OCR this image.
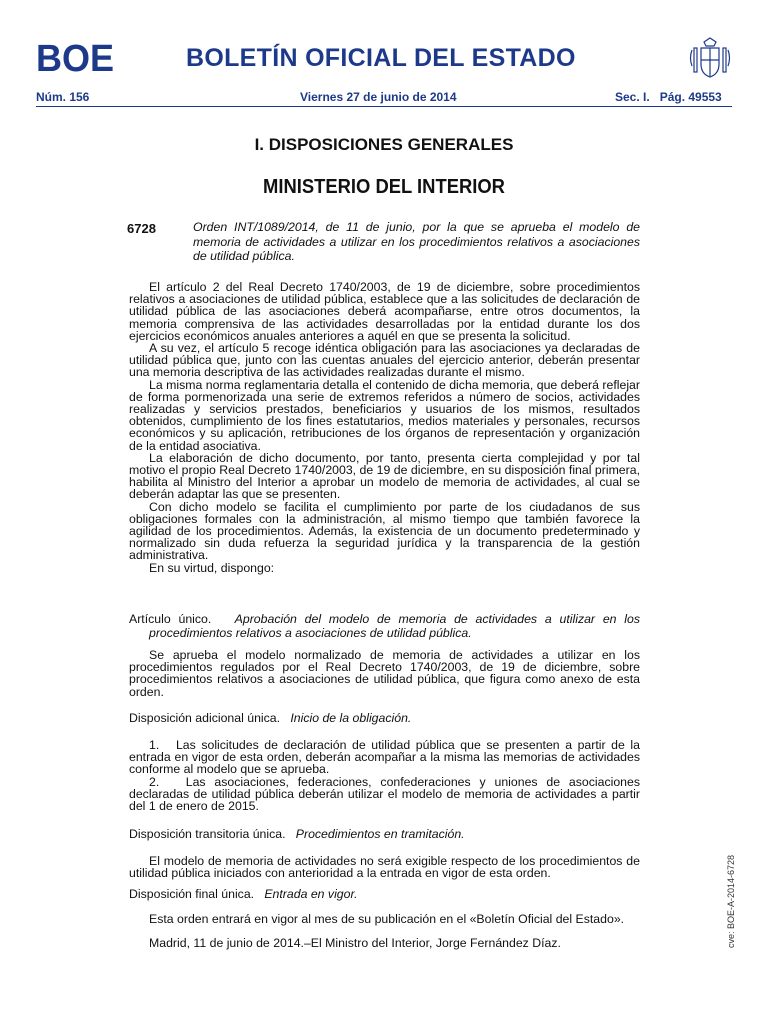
BOE	BOLETÍN OFICIAL DEL ESTADO
Núm. 156	Viernes 27 de junio de 2014	Sec. I.   Pág. 49553
I. DISPOSICIONES GENERALES
MINISTERIO DEL INTERIOR
6728	Orden INT/1089/2014, de 11 de junio, por la que se aprueba el modelo de memoria de actividades a utilizar en los procedimientos relativos a asociaciones de utilidad pública.

El artículo 2 del Real Decreto 1740/2003, de 19 de diciembre, sobre procedimientos relativos a asociaciones de utilidad pública, establece que a las solicitudes de declaración de utilidad pública de las asociaciones deberá acompañarse, entre otros documentos, la memoria comprensiva de las actividades desarrolladas por la entidad durante los dos ejercicios económicos anuales anteriores a aquél en que se presenta la solicitud.

A su vez, el artículo 5 recoge idéntica obligación para las asociaciones ya declaradas de utilidad pública que, junto con las cuentas anuales del ejercicio anterior, deberán presentar una memoria descriptiva de las actividades realizadas durante el mismo.

La misma norma reglamentaria detalla el contenido de dicha memoria, que deberá reflejar de forma pormenorizada una serie de extremos referidos a número de socios, actividades realizadas y servicios prestados, beneficiarios y usuarios de los mismos, resultados obtenidos, cumplimiento de los fines estatutarios, medios materiales y personales, recursos económicos y su aplicación, retribuciones de los órganos de representación y organización de la entidad asociativa.

La elaboración de dicho documento, por tanto, presenta cierta complejidad y por tal motivo el propio Real Decreto 1740/2003, de 19 de diciembre, en su disposición final primera, habilita al Ministro del Interior a aprobar un modelo de memoria de actividades, al cual se deberán adaptar las que se presenten.

Con dicho modelo se facilita el cumplimiento por parte de los ciudadanos de sus obligaciones formales con la administración, al mismo tiempo que también favorece la agilidad de los procedimientos. Además, la existencia de un documento predeterminado y normalizado sin duda refuerza la seguridad jurídica y la transparencia de la gestión administrativa.

En su virtud, dispongo:

Artículo único. Aprobación del modelo de memoria de actividades a utilizar en los procedimientos relativos a asociaciones de utilidad pública.

Se aprueba el modelo normalizado de memoria de actividades a utilizar en los procedimientos regulados por el Real Decreto 1740/2003, de 19 de diciembre, sobre procedimientos relativos a asociaciones de utilidad pública, que figura como anexo de esta orden.

Disposición adicional única. Inicio de la obligación.

1.   Las solicitudes de declaración de utilidad pública que se presenten a partir de la entrada en vigor de esta orden, deberán acompañar a la misma las memorias de actividades conforme al modelo que se aprueba.

2.   Las asociaciones, federaciones, confederaciones y uniones de asociaciones declaradas de utilidad pública deberán utilizar el modelo de memoria de actividades a partir del 1 de enero de 2015.

Disposición transitoria única. Procedimientos en tramitación.

El modelo de memoria de actividades no será exigible respecto de los procedimientos de utilidad pública iniciados con anterioridad a la entrada en vigor de esta orden.

Disposición final única. Entrada en vigor.

Esta orden entrará en vigor al mes de su publicación en el «Boletín Oficial del Estado».

Madrid, 11 de junio de 2014.–El Ministro del Interior, Jorge Fernández Díaz.	cve: BOE-A-2014-6728
